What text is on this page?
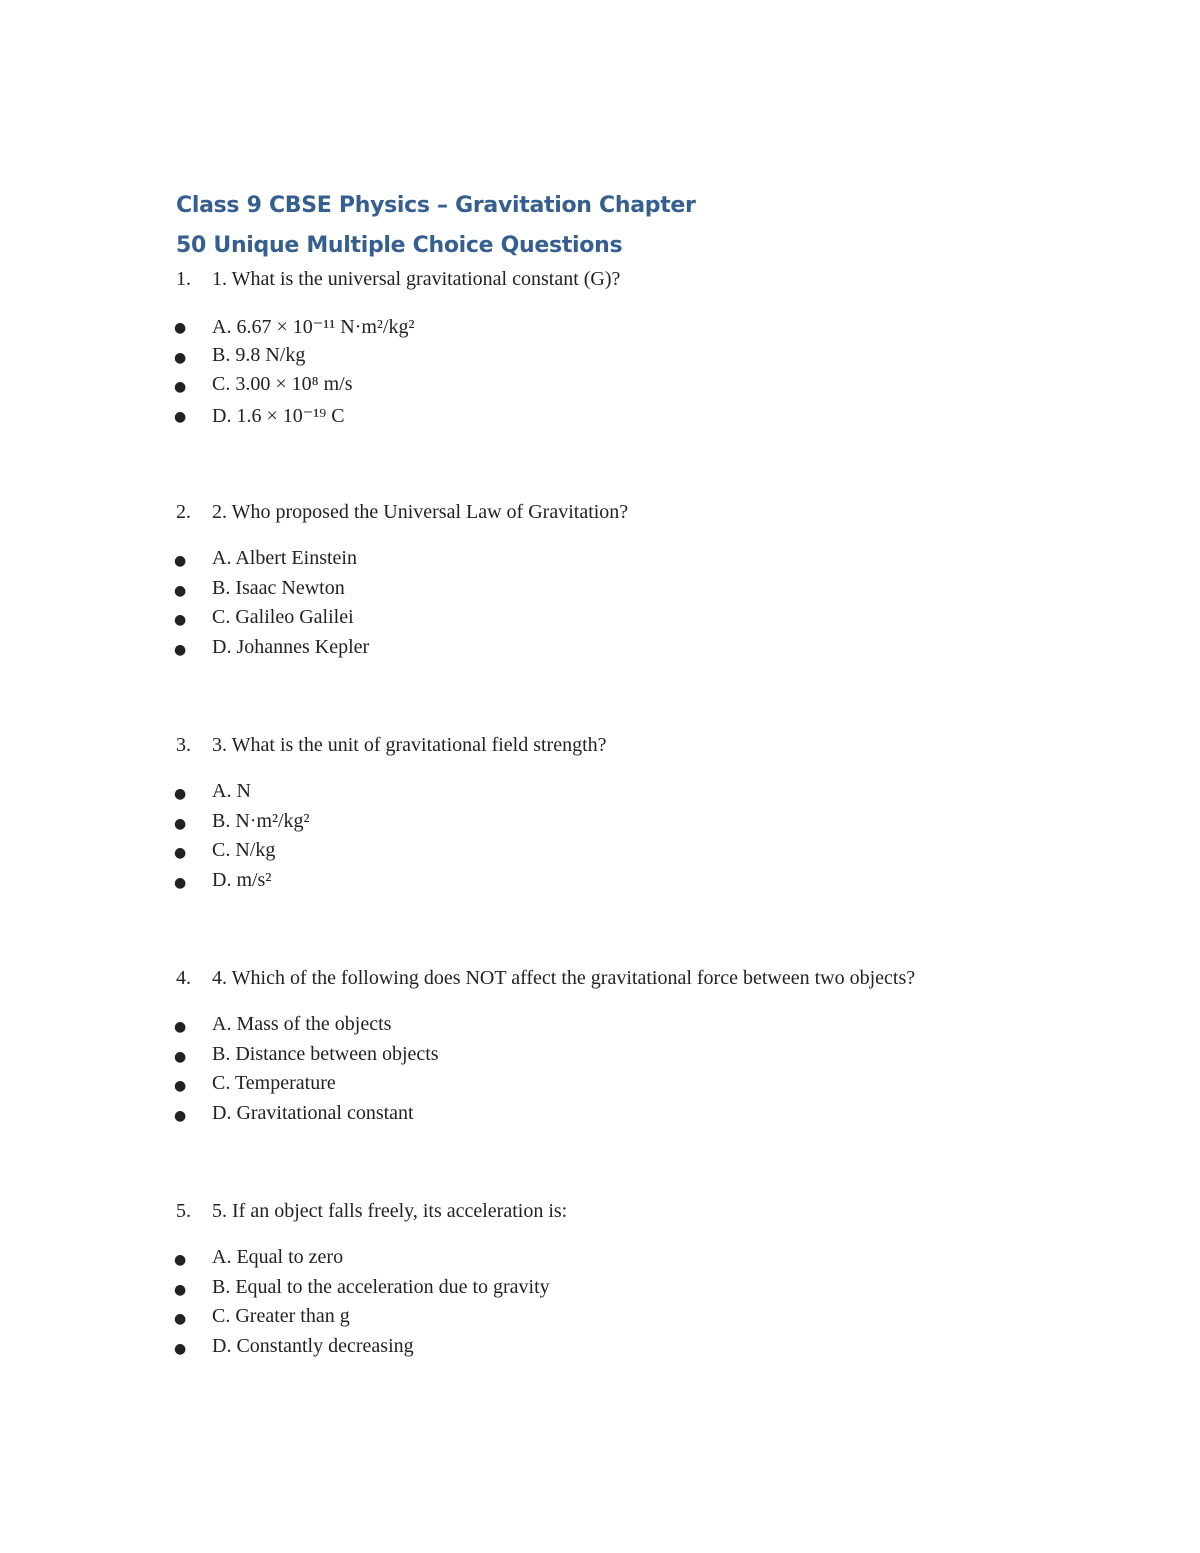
Class 9 CBSE Physics – Gravitation Chapter
50 Unique Multiple Choice Questions
1. 1. What is the universal gravitational constant (G)?
● A. 6.67 × 10⁻¹¹ N·m²/kg²
● B. 9.8 N/kg
● C. 3.00 × 10⁸ m/s
● D. 1.6 × 10⁻¹⁹ C
2. 2. Who proposed the Universal Law of Gravitation?
● A. Albert Einstein
● B. Isaac Newton
● C. Galileo Galilei
● D. Johannes Kepler
3. 3. What is the unit of gravitational field strength?
● A. N
● B. N·m²/kg²
● C. N/kg
● D. m/s²
4. 4. Which of the following does NOT affect the gravitational force between two objects?
● A. Mass of the objects
● B. Distance between objects
● C. Temperature
● D. Gravitational constant
5. 5. If an object falls freely, its acceleration is:
● A. Equal to zero
● B. Equal to the acceleration due to gravity
● C. Greater than g
● D. Constantly decreasing
